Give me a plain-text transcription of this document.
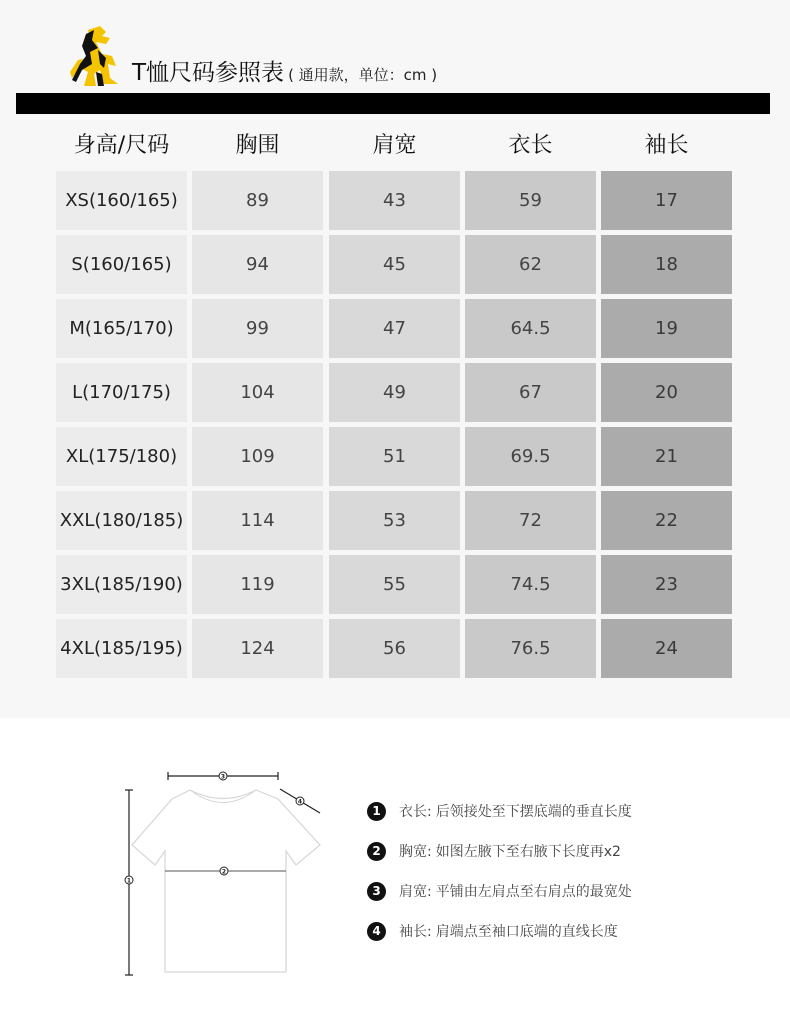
T恤尺码参照表 ( 通用款，单位：cm )
身高/尺码	胸围	肩宽	衣长	袖长
XS(160/165)	89	43	59	17
S(160/165)	94	45	62	18
M(165/170)	99	47	64.5	19
L(170/175)	104	49	67	20
XL(175/180)	109	51	69.5	21
XXL(180/185)	114	53	72	22
3XL(185/190)	119	55	74.5	23
4XL(185/195)	124	56	76.5	24
3
4
2
1
1	衣长: 后领接处至下摆底端的垂直长度
2	胸宽: 如图左腋下至右腋下长度再x2
3	肩宽: 平铺由左肩点至右肩点的最宽处
4	袖长: 肩端点至袖口底端的直线长度
